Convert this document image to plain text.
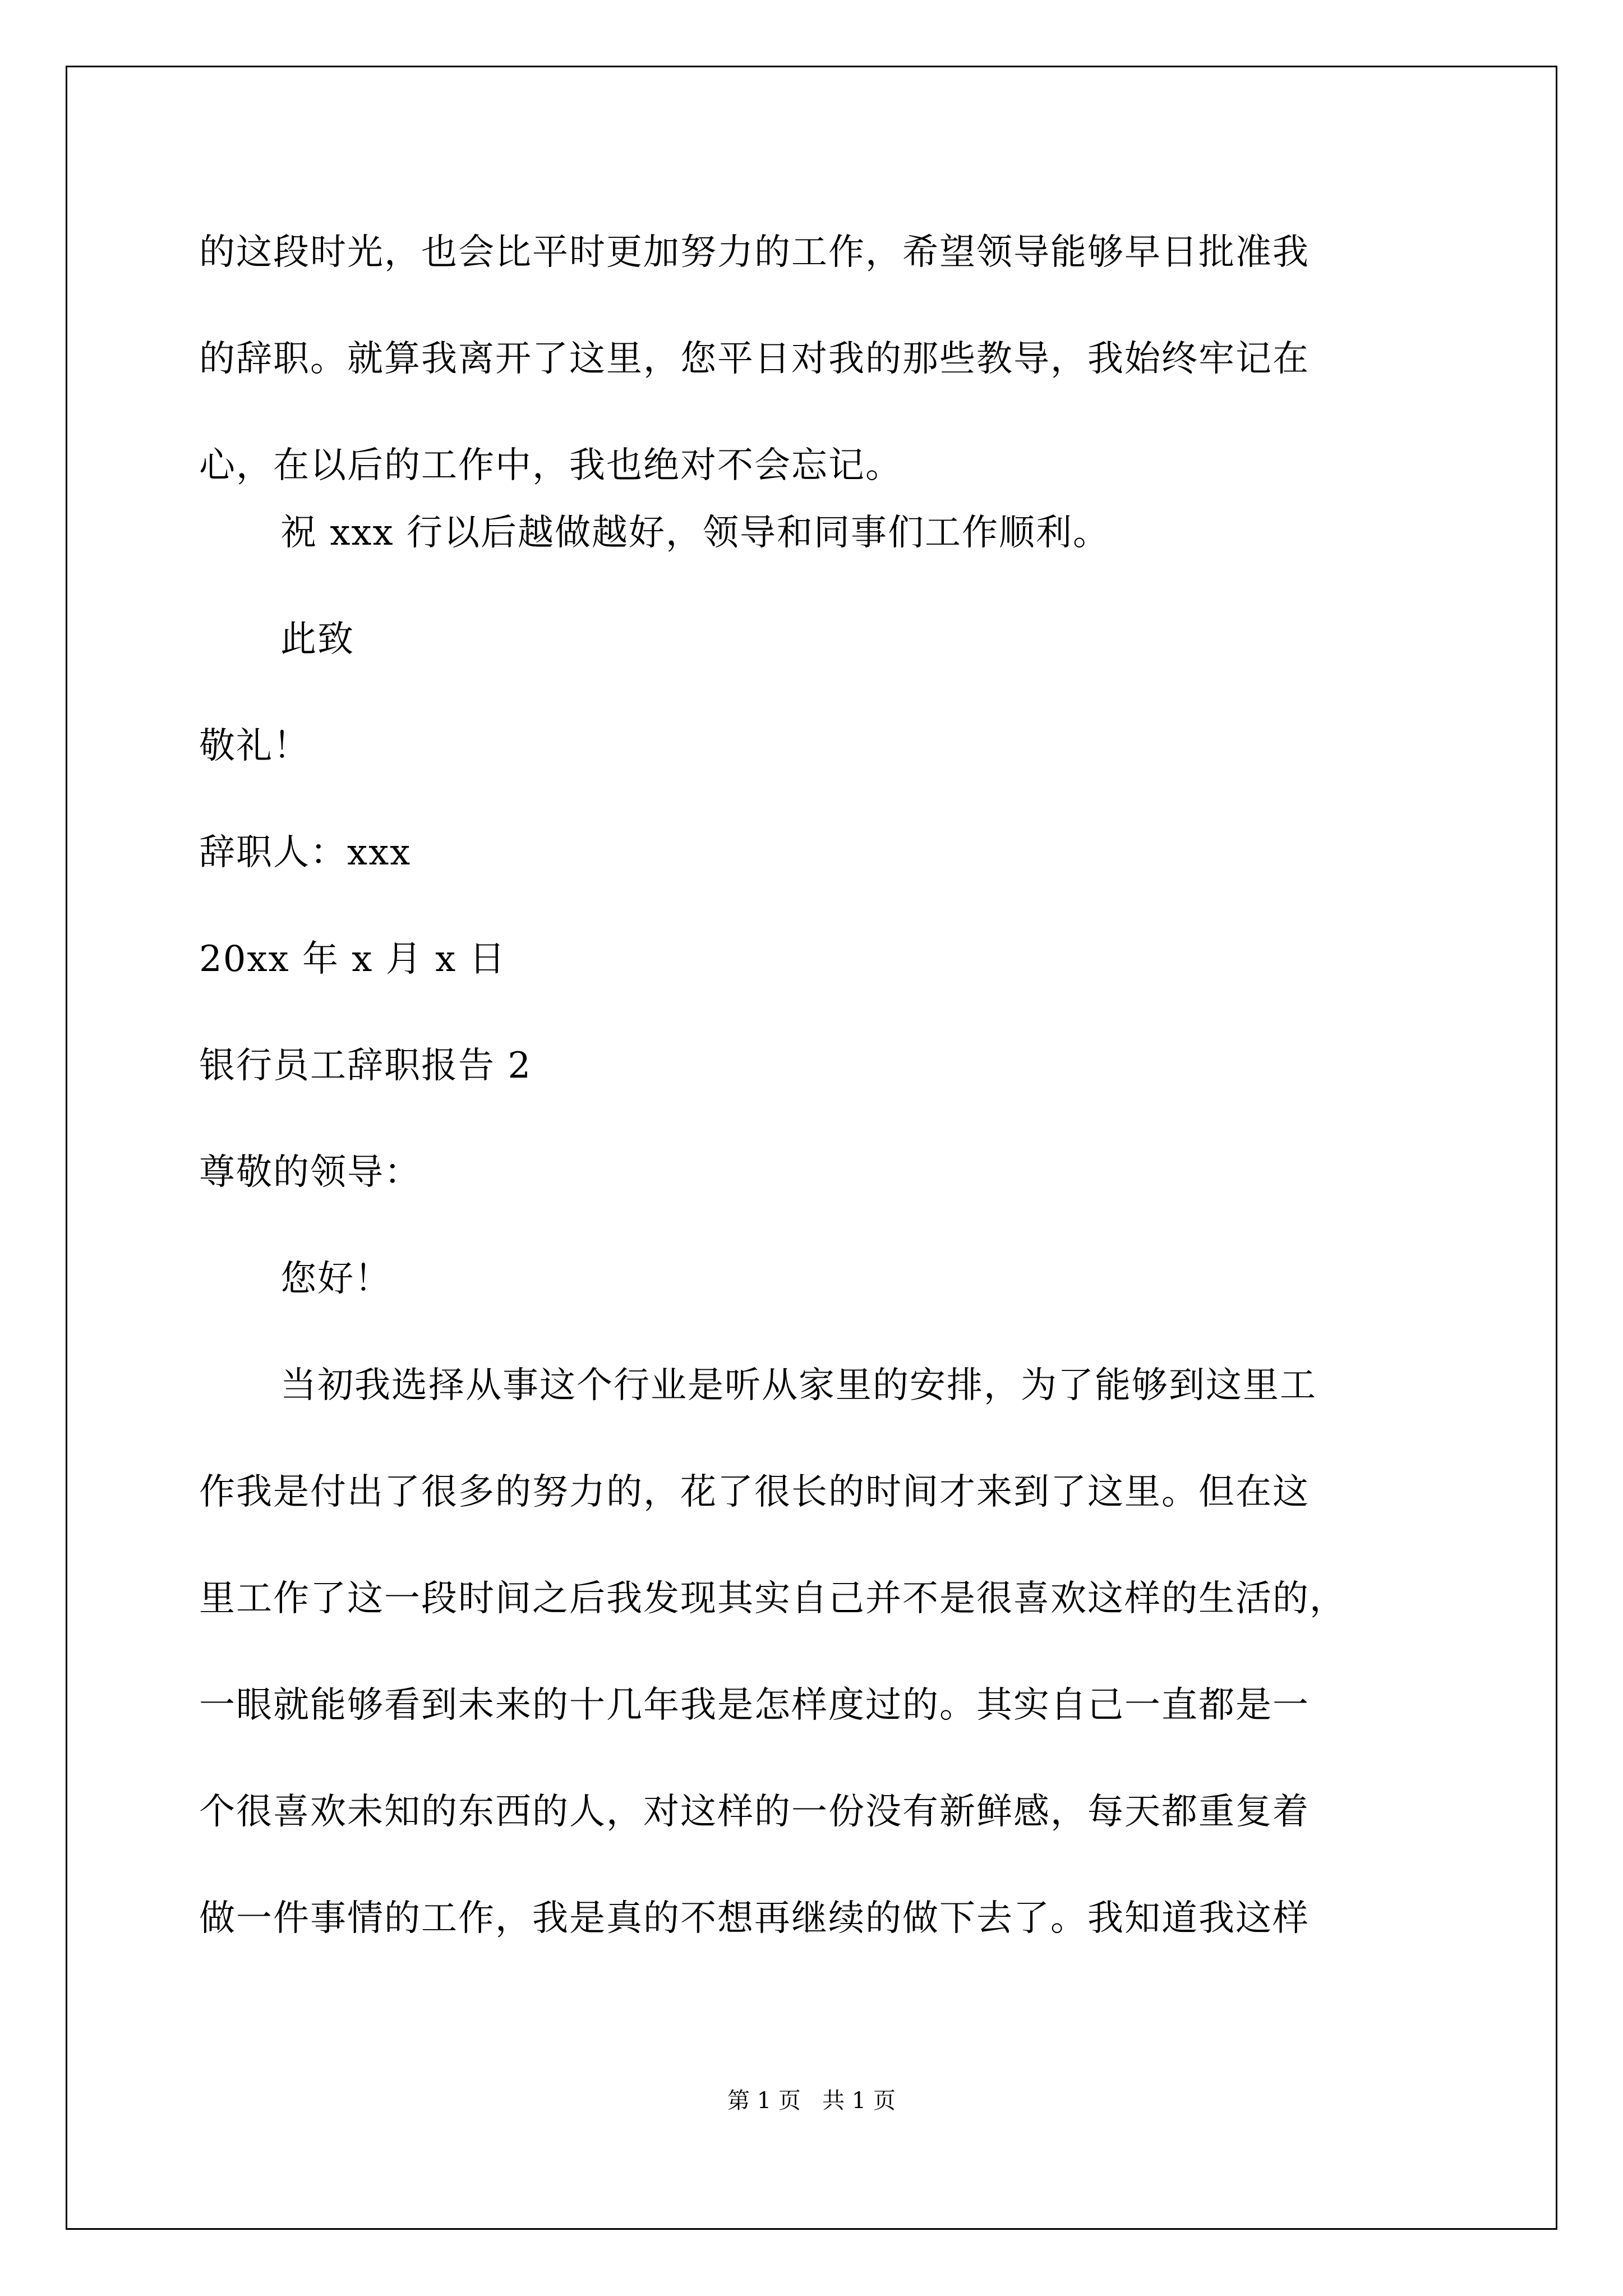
的这段时光，也会比平时更加努力的工作，希望领导能够早日批准我
的辞职。就算我离开了这里，您平日对我的那些教导，我始终牢记在
心，在以后的工作中，我也绝对不会忘记。
祝 xxx 行以后越做越好，领导和同事们工作顺利。
此致
敬礼！
辞职人：xxx
20xx 年 x 月 x 日
银行员工辞职报告 2
尊敬的领导：
您好！
当初我选择从事这个行业是听从家里的安排，为了能够到这里工
作我是付出了很多的努力的，花了很长的时间才来到了这里。但在这
里工作了这一段时间之后我发现其实自己并不是很喜欢这样的生活的，
一眼就能够看到未来的十几年我是怎样度过的。其实自己一直都是一
个很喜欢未知的东西的人，对这样的一份没有新鲜感，每天都重复着
做一件事情的工作，我是真的不想再继续的做下去了。我知道我这样
第 1 页   共 1 页
